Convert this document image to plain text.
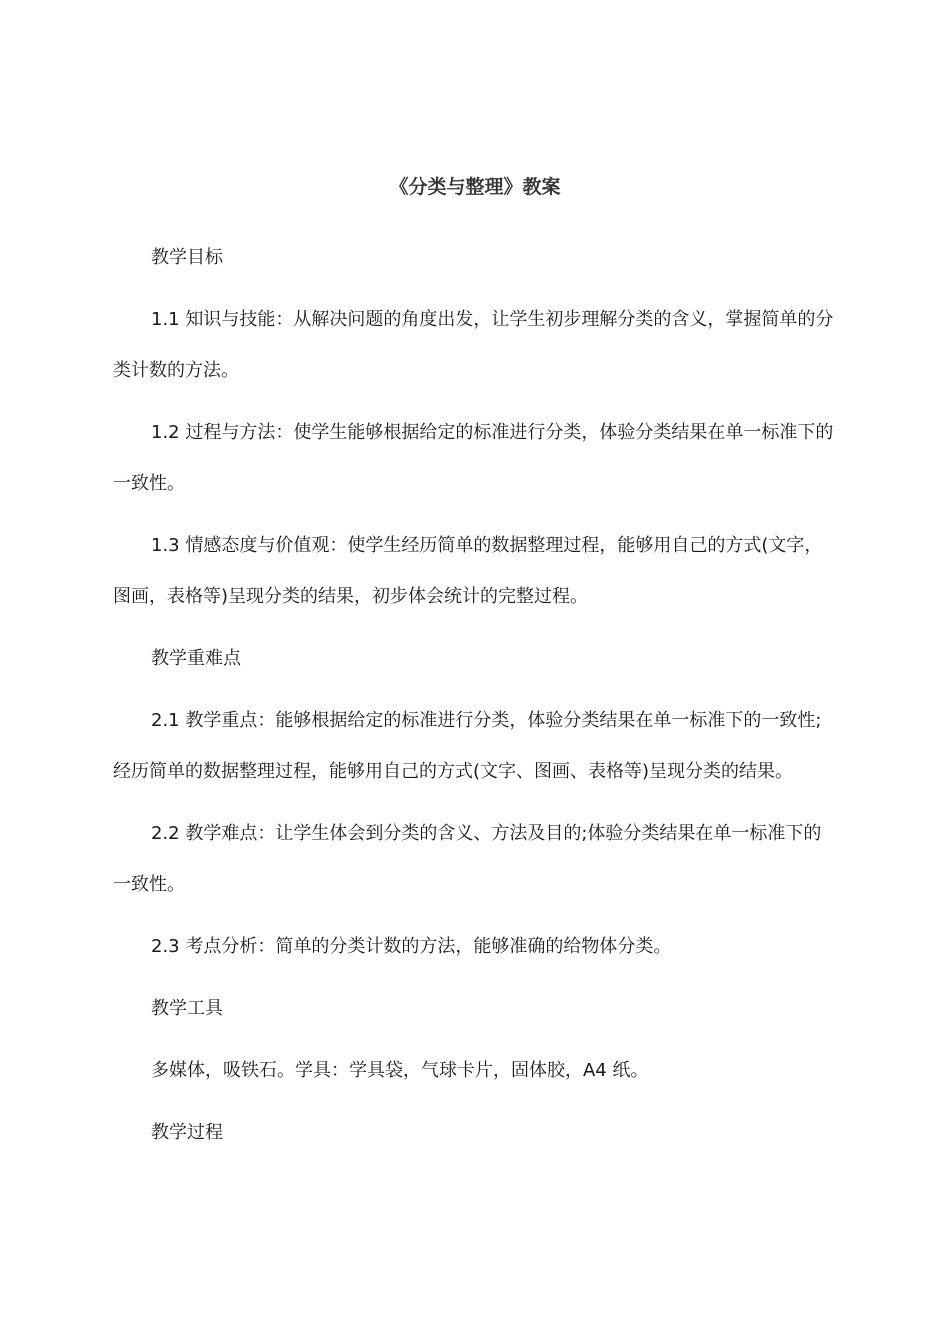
《分类与整理》教案

教学目标

1.1 知识与技能：从解决问题的角度出发，让学生初步理解分类的含义，掌握简单的分类计数的方法。

1.2 过程与方法：使学生能够根据给定的标准进行分类，体验分类结果在单一标准下的一致性。

1.3 情感态度与价值观：使学生经历简单的数据整理过程，能够用自己的方式(文字，图画，表格等)呈现分类的结果，初步体会统计的完整过程。

教学重难点

2.1 教学重点：能够根据给定的标准进行分类，体验分类结果在单一标准下的一致性;经历简单的数据整理过程，能够用自己的方式(文字、图画、表格等)呈现分类的结果。

2.2 教学难点：让学生体会到分类的含义、方法及目的;体验分类结果在单一标准下的一致性。

2.3 考点分析：简单的分类计数的方法，能够准确的给物体分类。

教学工具

多媒体，吸铁石。学具：学具袋，气球卡片，固体胶，A4 纸。

教学过程
